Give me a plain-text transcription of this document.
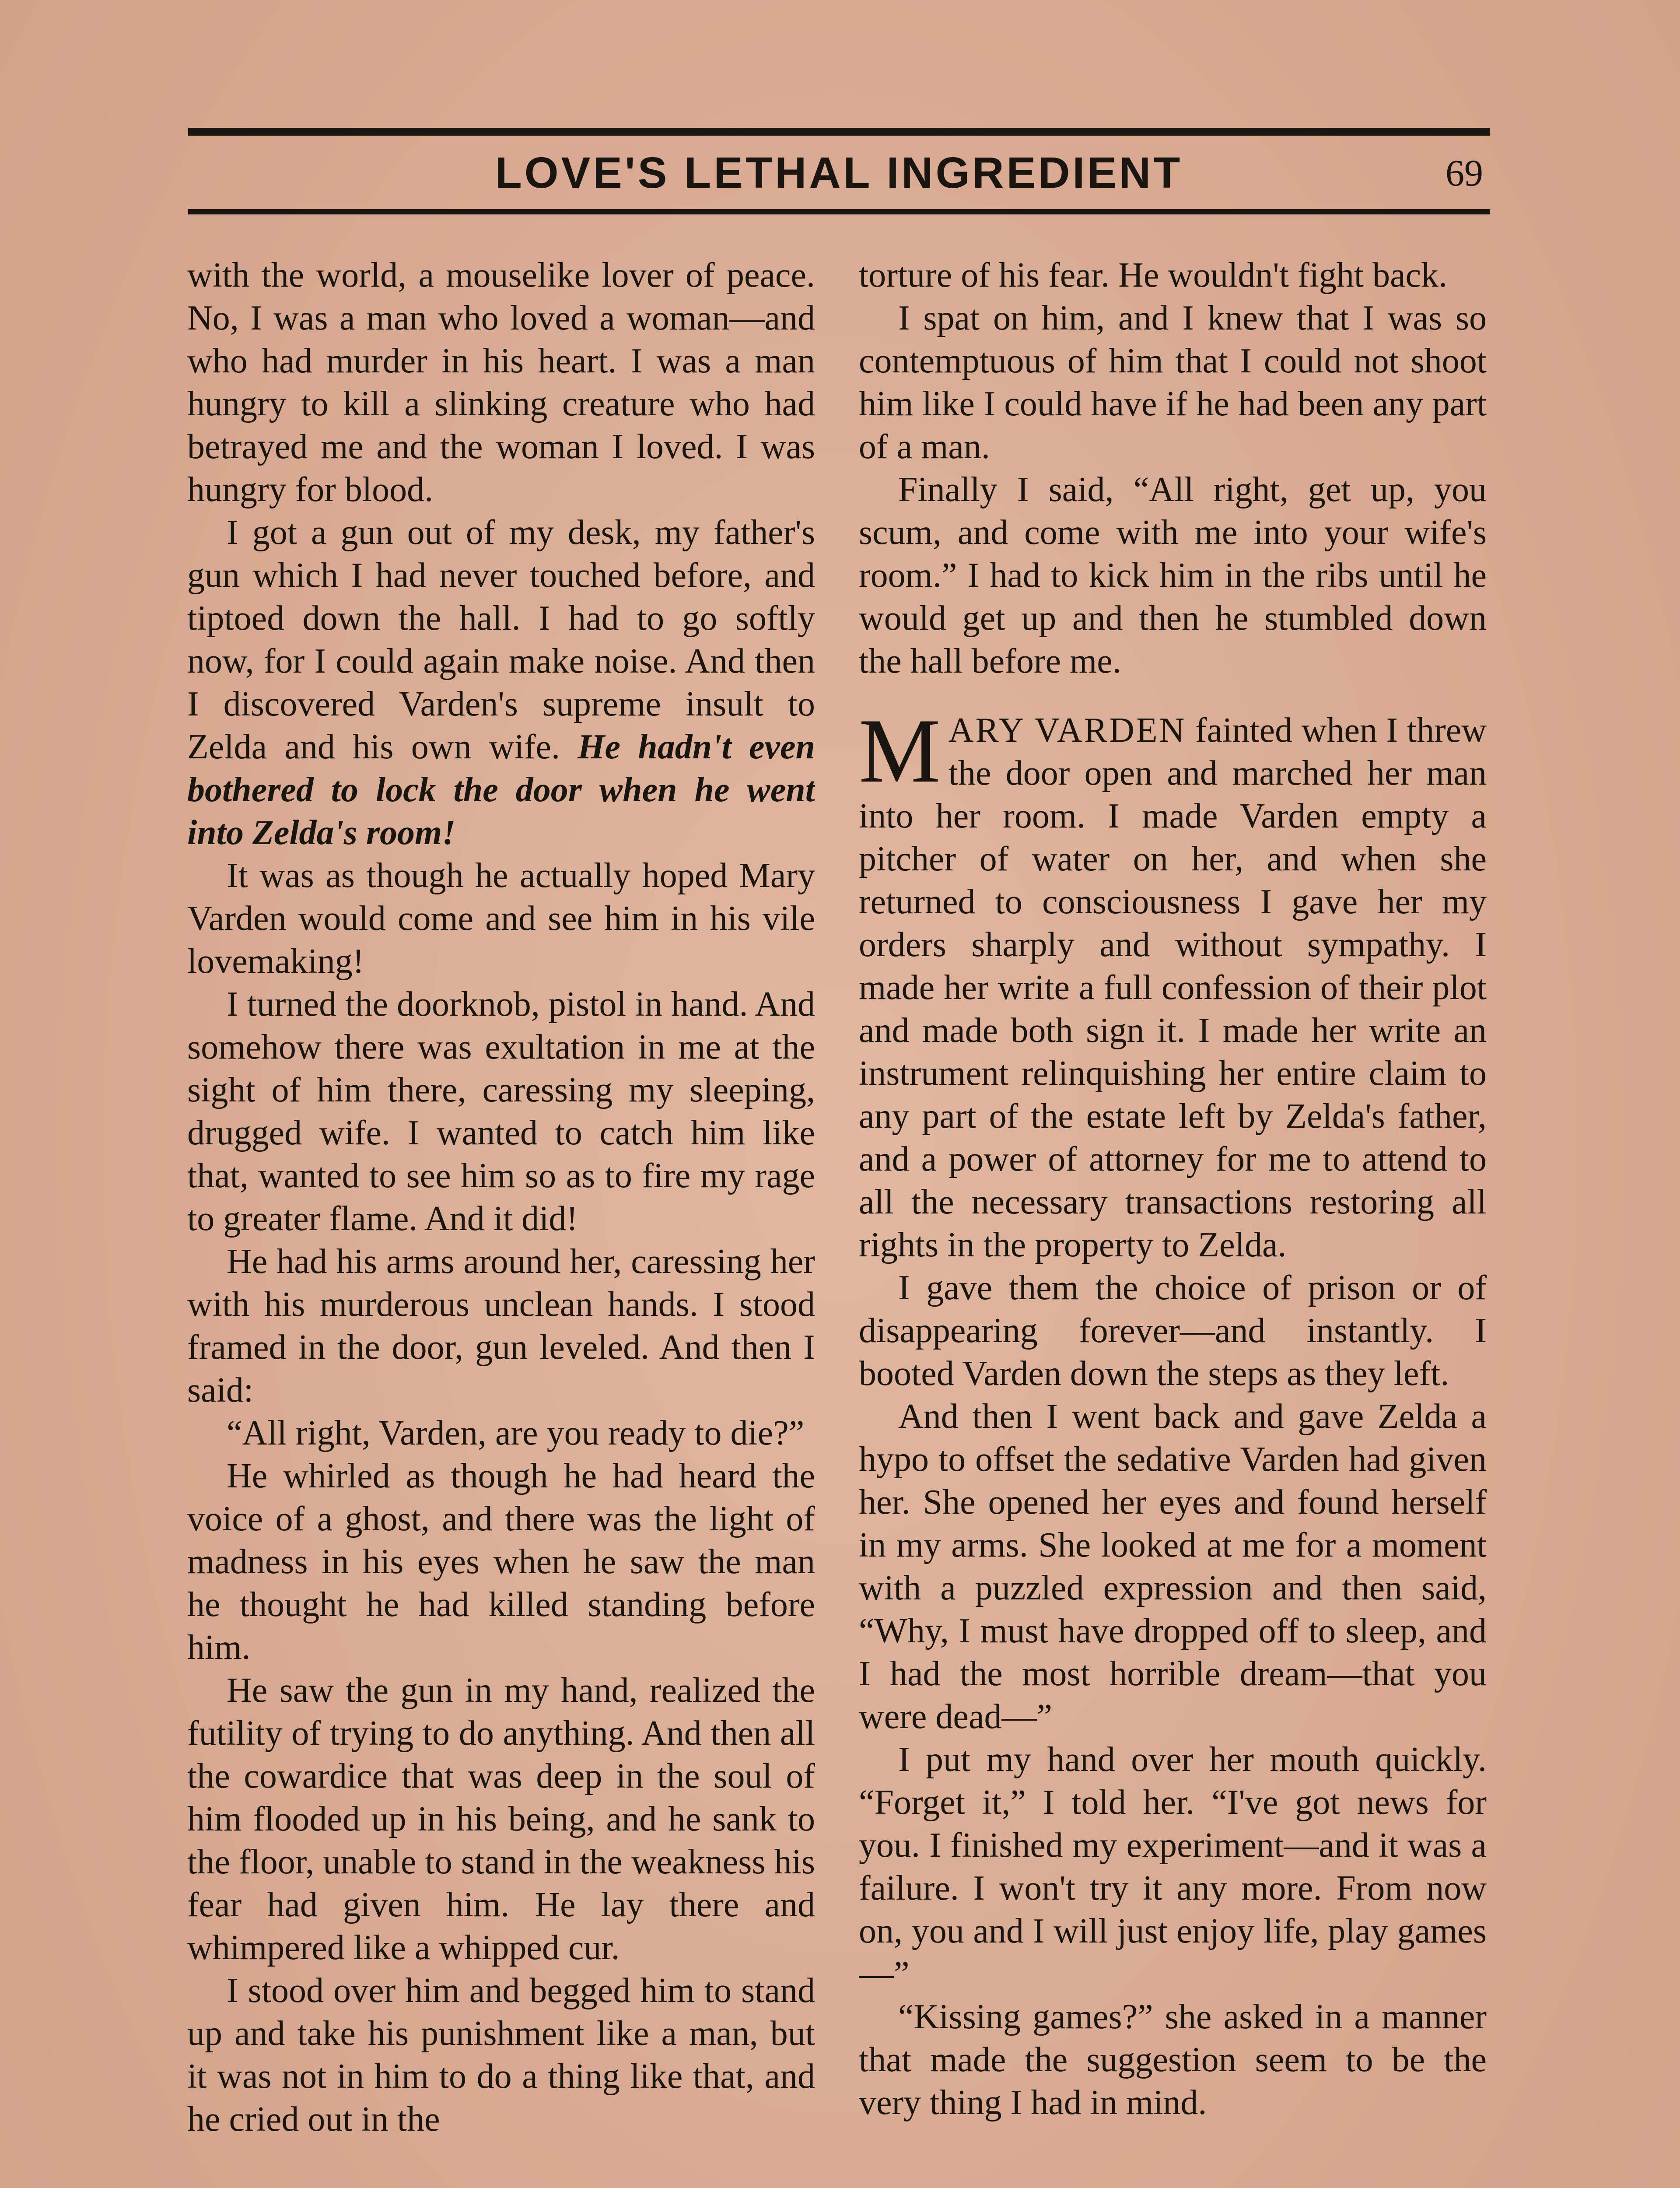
LOVE'S LETHAL INGREDIENT	69

with the world, a mouselike lover of peace. No, I was a man who loved a woman—and who had murder in his heart. I was a man hungry to kill a slinking creature who had betrayed me and the woman I loved. I was hungry for blood.

I got a gun out of my desk, my father's gun which I had never touched before, and tiptoed down the hall. I had to go softly now, for I could again make noise. And then I discovered Varden's supreme insult to Zelda and his own wife. He hadn't even bothered to lock the door when he went into Zelda's room!

It was as though he actually hoped Mary Varden would come and see him in his vile lovemaking!

I turned the doorknob, pistol in hand. And somehow there was exultation in me at the sight of him there, caressing my sleeping, drugged wife. I wanted to catch him like that, wanted to see him so as to fire my rage to greater flame. And it did!

He had his arms around her, caressing her with his murderous unclean hands. I stood framed in the door, gun leveled. And then I said:

“All right, Varden, are you ready to die?”

He whirled as though he had heard the voice of a ghost, and there was the light of madness in his eyes when he saw the man he thought he had killed standing before him.

He saw the gun in my hand, realized the futility of trying to do anything. And then all the cowardice that was deep in the soul of him flooded up in his being, and he sank to the floor, unable to stand in the weakness his fear had given him. He lay there and whimpered like a whipped cur.

I stood over him and begged him to stand up and take his punishment like a man, but it was not in him to do a thing like that, and he cried out in the

torture of his fear. He wouldn't fight back.

I spat on him, and I knew that I was so contemptuous of him that I could not shoot him like I could have if he had been any part of a man.

Finally I said, “All right, get up, you scum, and come with me into your wife's room.” I had to kick him in the ribs until he would get up and then he stumbled down the hall before me.

MARY VARDEN fainted when I threw the door open and marched her man into her room. I made Varden empty a pitcher of water on her, and when she returned to consciousness I gave her my orders sharply and without sympathy. I made her write a full confession of their plot and made both sign it. I made her write an instrument relinquishing her entire claim to any part of the estate left by Zelda's father, and a power of attorney for me to attend to all the necessary transactions restoring all rights in the property to Zelda.

I gave them the choice of prison or of disappearing forever—and instantly. I booted Varden down the steps as they left.

And then I went back and gave Zelda a hypo to offset the sedative Varden had given her. She opened her eyes and found herself in my arms. She looked at me for a moment with a puzzled expression and then said, “Why, I must have dropped off to sleep, and I had the most horrible dream—that you were dead—”

I put my hand over her mouth quickly. “Forget it,” I told her. “I've got news for you. I finished my experiment—and it was a failure. I won't try it any more. From now on, you and I will just enjoy life, play games—”

“Kissing games?” she asked in a manner that made the suggestion seem to be the very thing I had in mind.
